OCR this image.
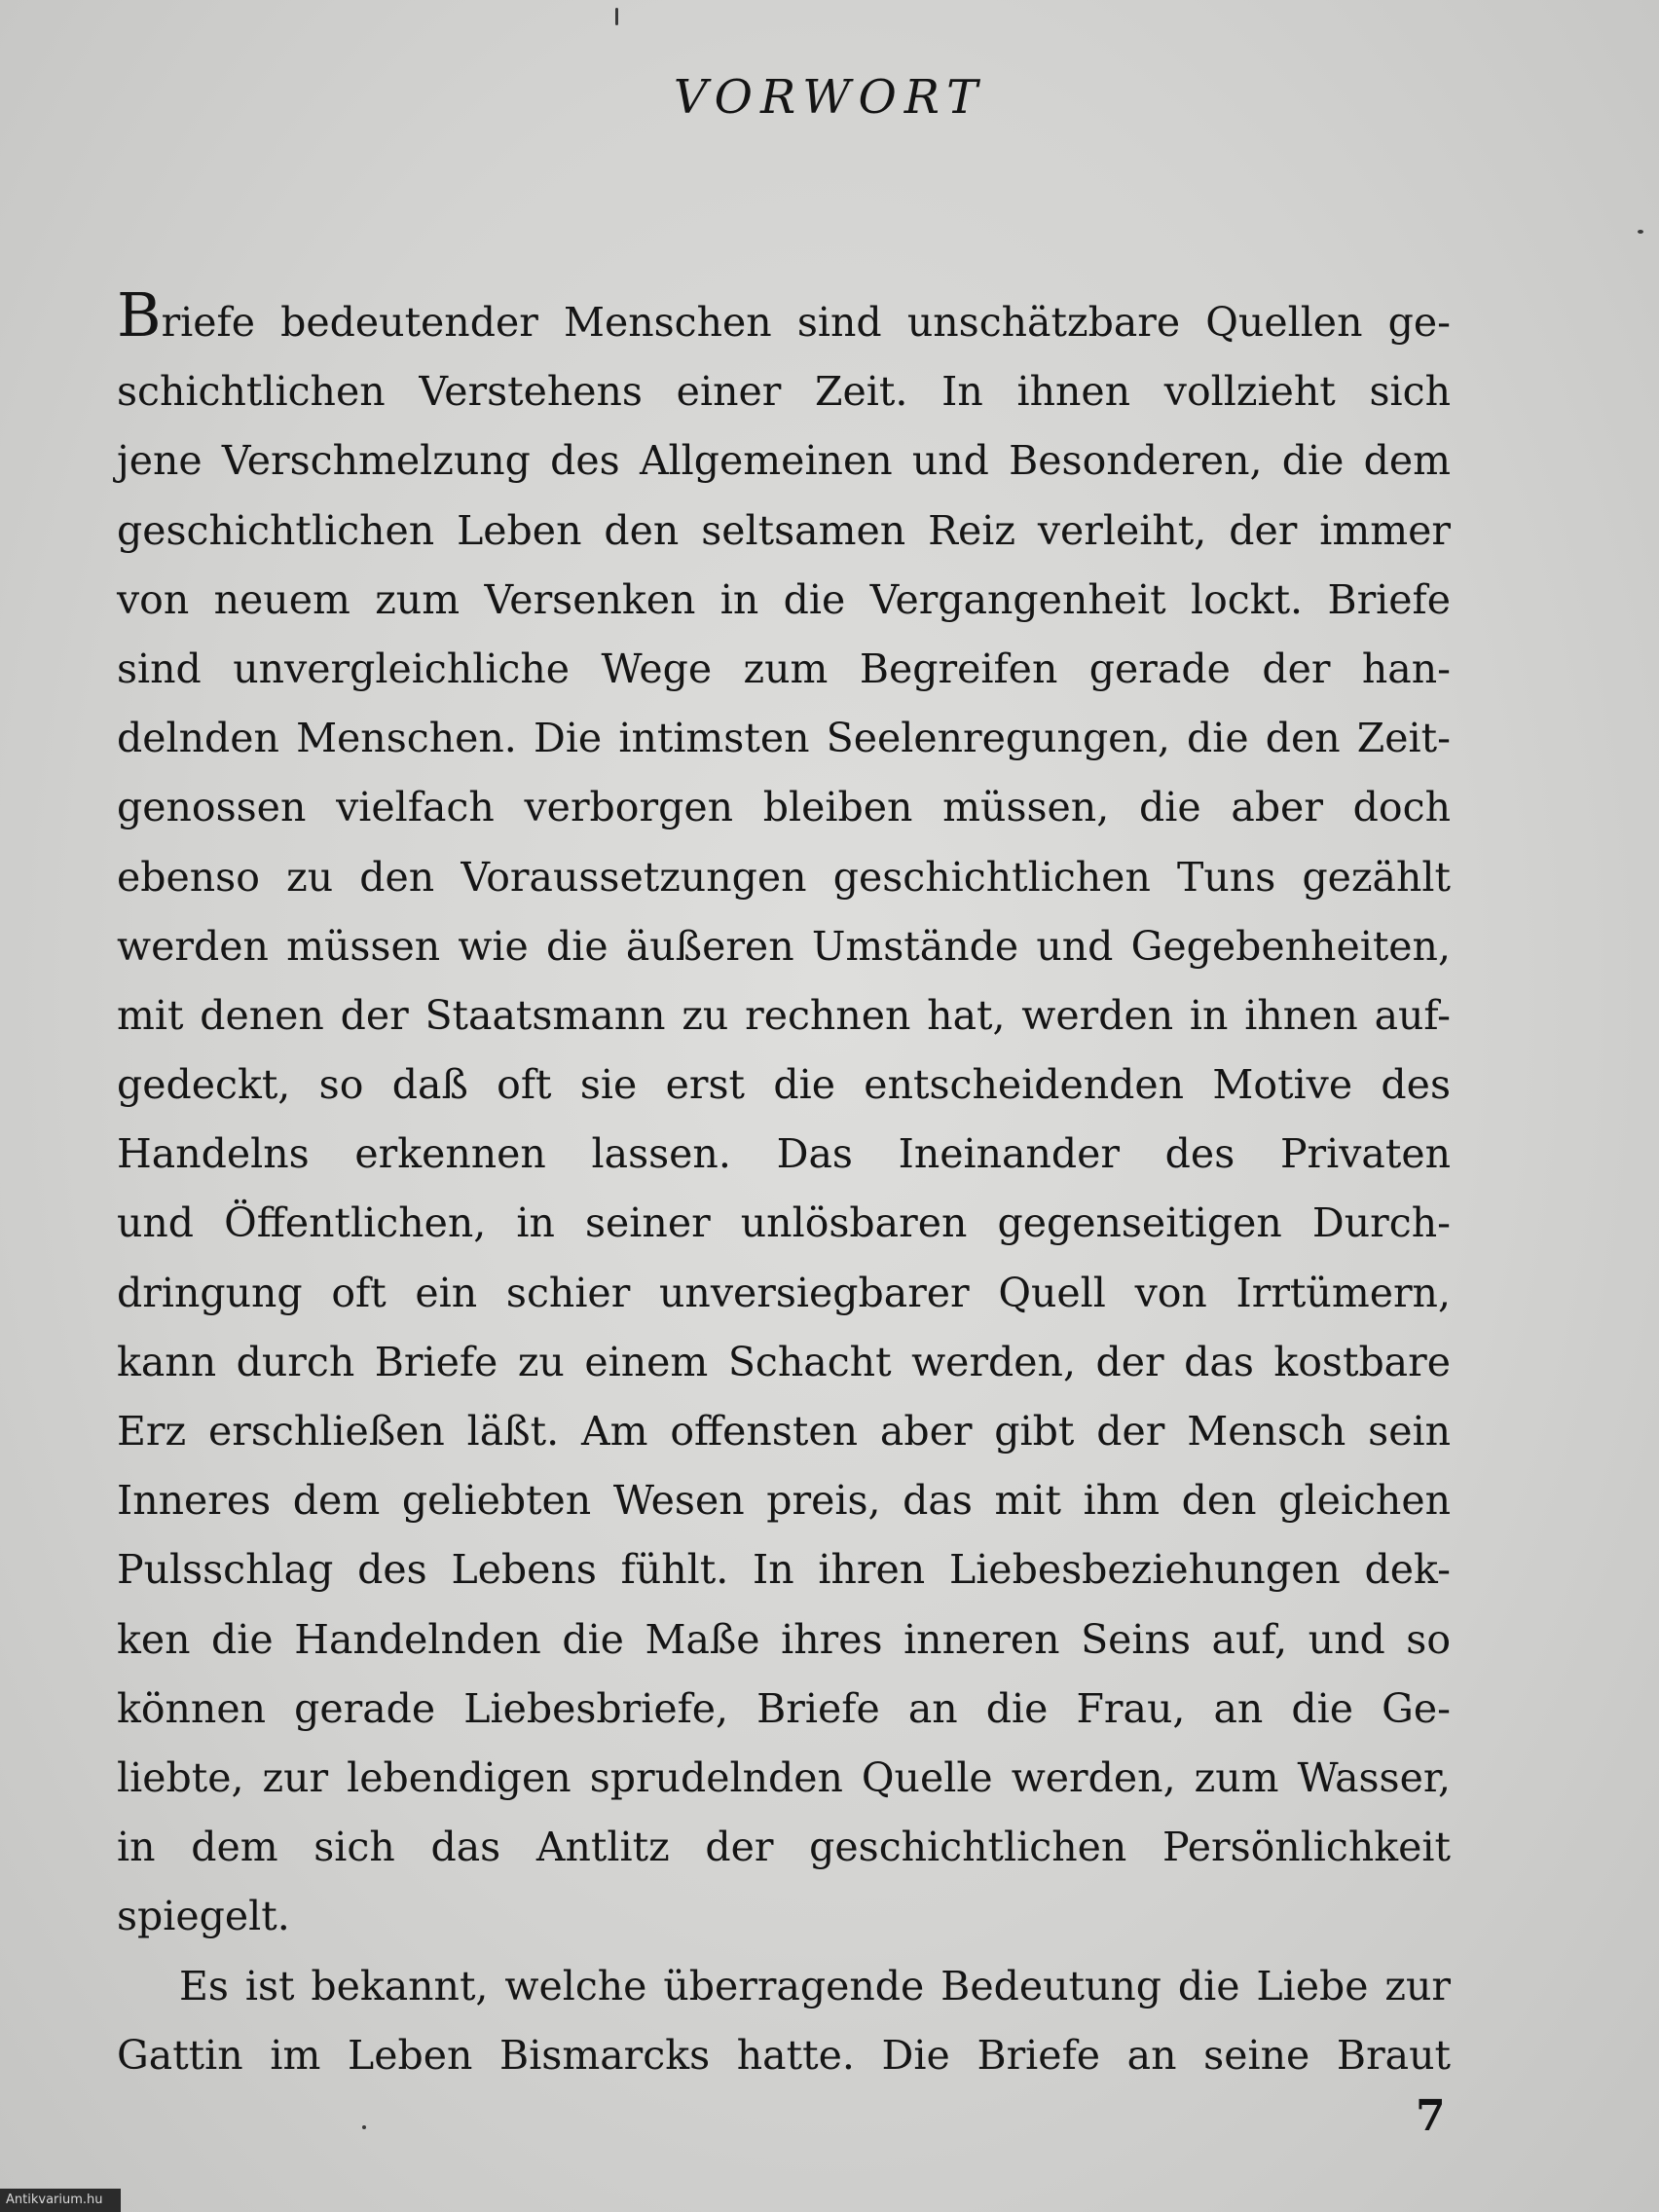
VORWORT
Briefe bedeutender Menschen sind unschätzbare Quellen ge-
schichtlichen Verstehens einer Zeit. In ihnen vollzieht sich
jene Verschmelzung des Allgemeinen und Besonderen, die dem
geschichtlichen Leben den seltsamen Reiz verleiht, der immer
von neuem zum Versenken in die Vergangenheit lockt. Briefe
sind unvergleichliche Wege zum Begreifen gerade der han-
delnden Menschen. Die intimsten Seelenregungen, die den Zeit-
genossen vielfach verborgen bleiben müssen, die aber doch
ebenso zu den Voraussetzungen geschichtlichen Tuns gezählt
werden müssen wie die äußeren Umstände und Gegebenheiten,
mit denen der Staatsmann zu rechnen hat, werden in ihnen auf-
gedeckt, so daß oft sie erst die entscheidenden Motive des
Handelns erkennen lassen. Das Ineinander des Privaten
und Öffentlichen, in seiner unlösbaren gegenseitigen Durch-
dringung oft ein schier unversiegbarer Quell von Irrtümern,
kann durch Briefe zu einem Schacht werden, der das kostbare
Erz erschließen läßt. Am offensten aber gibt der Mensch sein
Inneres dem geliebten Wesen preis, das mit ihm den gleichen
Pulsschlag des Lebens fühlt. In ihren Liebesbeziehungen dek-
ken die Handelnden die Maße ihres inneren Seins auf, und so
können gerade Liebesbriefe, Briefe an die Frau, an die Ge-
liebte, zur lebendigen sprudelnden Quelle werden, zum Wasser,
in dem sich das Antlitz der geschichtlichen Persönlichkeit
spiegelt.
Es ist bekannt, welche überragende Bedeutung die Liebe zur
Gattin im Leben Bismarcks hatte. Die Briefe an seine Braut
7
Antikvarium.hu
